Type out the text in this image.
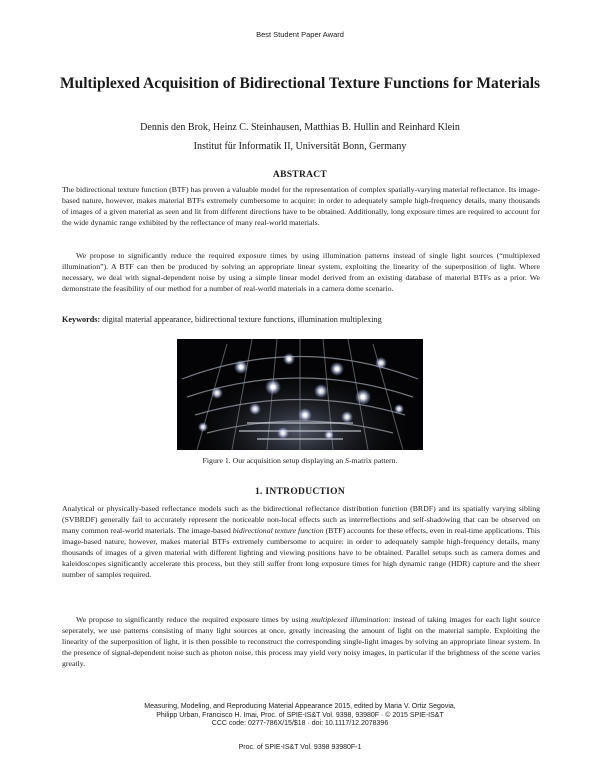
Best Student Paper Award
Multiplexed Acquisition of Bidirectional Texture Functions for Materials
Dennis den Brok, Heinz C. Steinhausen, Matthias B. Hullin and Reinhard Klein
Institut für Informatik II, Universität Bonn, Germany
ABSTRACT

The bidirectional texture function (BTF) has proven a valuable model for the representation of complex spatially-varying material reflectance. Its image-based nature, however, makes material BTFs extremely cumbersome to acquire: in order to adequately sample high-frequency details, many thousands of images of a given material as seen and lit from different directions have to be obtained. Additionally, long exposure times are required to account for the wide dynamic range exhibited by the reflectance of many real-world materials.

We propose to significantly reduce the required exposure times by using illumination patterns instead of single light sources (“multiplexed illumination”). A BTF can then be produced by solving an appropriate linear system, exploiting the linearity of the superposition of light. Where necessary, we deal with signal-dependent noise by using a simple linear model derived from an existing database of material BTFs as a prior. We demonstrate the feasibility of our method for a number of real-world materials in a camera dome scenario.

Keywords: digital material appearance, bidirectional texture functions, illumination multiplexing
Figure 1. Our acquisition setup displaying an S-matrix pattern.
1. INTRODUCTION

Analytical or physically-based reflectance models such as the bidirectional reflectance distribution function (BRDF) and its spatially varying sibling (SVBRDF) generally fail to accurately represent the noticeable non-local effects such as interreflections and self-shadowing that can be observed on many common real-world materials. The image-based bidirectional texture function (BTF) accounts for these effects, even in real-time applications. This image-based nature, however, makes material BTFs extremely cumbersome to acquire: in order to adequately sample high-frequency details, many thousands of images of a given material with different lighting and viewing positions have to be obtained. Parallel setups such as camera domes and kaleidoscopes significantly accelerate this process, but they still suffer from long exposure times for high dynamic range (HDR) capture and the sheer number of samples required.

We propose to significantly reduce the required exposure times by using multiplexed illumination: instead of taking images for each light source seperately, we use patterns consisting of many light sources at once, greatly increasing the amount of light on the material sample. Exploiting the linearity of the superposition of light, it is then possible to reconstruct the corresponding single-light images by solving an appropriate linear system. In the presence of signal-dependent noise such as photon noise, this process may yield very noisy images, in particular if the brightness of the scene varies greatly.

Measuring, Modeling, and Reproducing Material Appearance 2015, edited by Maria V. Ortiz Segovia,
Philipp Urban, Francisco H. Imai, Proc. of SPIE-IS&T Vol. 9398, 93980F · © 2015 SPIE-IS&T
CCC code: 0277-786X/15/$18 · doi: 10.1117/12.2078396
Proc. of SPIE-IS&T Vol. 9398 93980F-1
